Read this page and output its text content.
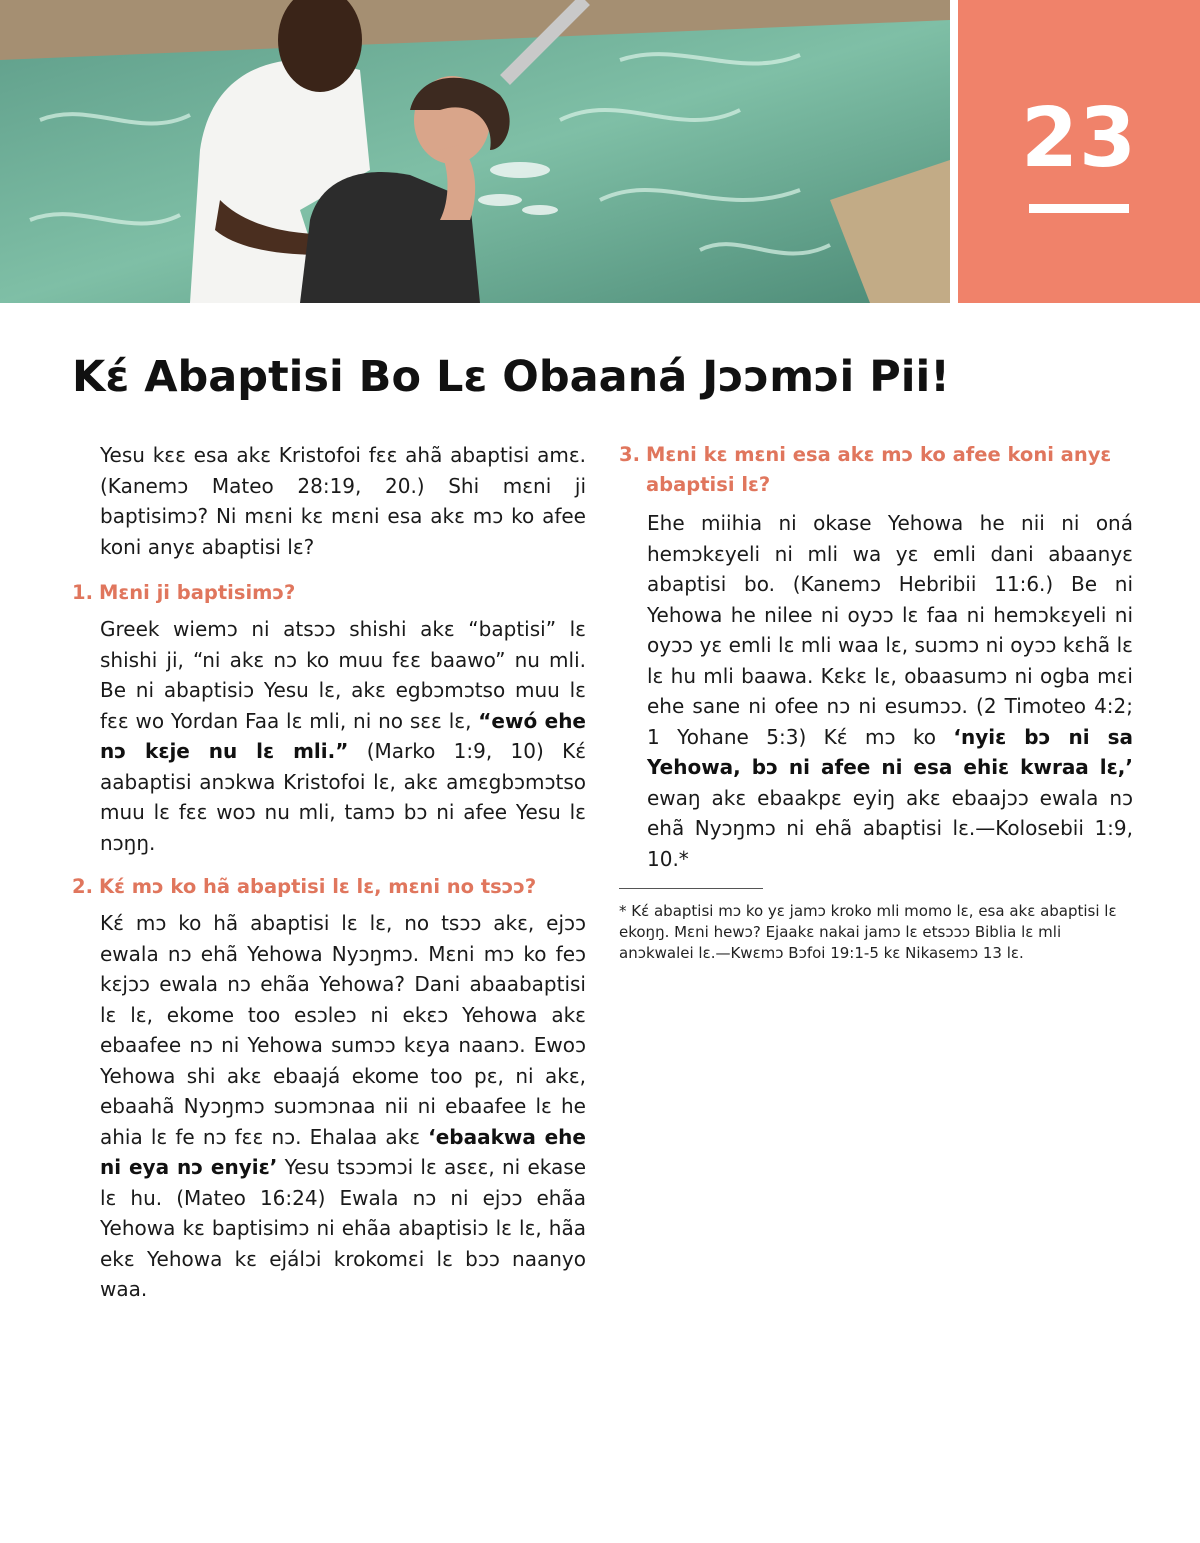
23
Kɛ́ Abaptisi Bo Lɛ Obaaná Jɔɔmɔi Pii!

Yesu kɛɛ esa akɛ Kristofoi fɛɛ ahã abaptisi amɛ. (Kanemɔ Mateo 28:19, 20.) Shi mɛni ji baptisimɔ? Ni mɛni kɛ mɛni esa akɛ mɔ ko afee koni anyɛ abaptisi lɛ?

1. Mɛni ji baptisimɔ?

Greek wiemɔ ni atsɔɔ shishi akɛ “baptisi” lɛ shishi ji, “ni akɛ nɔ ko muu fɛɛ baawo” nu mli. Be ni abaptisiɔ Yesu lɛ, akɛ egbɔmɔtso muu lɛ fɛɛ wo Yordan Faa lɛ mli, ni no sɛɛ lɛ, “ewó ehe nɔ kɛje nu lɛ mli.” (Marko 1:9, 10) Kɛ́ aabaptisi anɔkwa Kristofoi lɛ, akɛ amɛgbɔmɔtso muu lɛ fɛɛ woɔ nu mli, tamɔ bɔ ni afee Yesu lɛ nɔŋŋ.

2. Kɛ́ mɔ ko hã abaptisi lɛ lɛ, mɛni no tsɔɔ?

Kɛ́ mɔ ko hã abaptisi lɛ lɛ, no tsɔɔ akɛ, ejɔɔ ewala nɔ ehã Yehowa Nyɔŋmɔ. Mɛni mɔ ko feɔ kɛjɔɔ ewala nɔ ehãa Yehowa? Dani abaabaptisi lɛ lɛ, ekome too esɔleɔ ni ekɛɔ Yehowa akɛ ebaafee nɔ ni Yehowa sumɔɔ kɛya naanɔ. Ewoɔ Yehowa shi akɛ ebaajá ekome too pɛ, ni akɛ, ebaahã Nyɔŋmɔ suɔmɔnaa nii ni ebaafee lɛ he ahia lɛ fe nɔ fɛɛ nɔ. Ehalaa akɛ ‘ebaakwa ehe ni eya nɔ enyiɛ’ Yesu tsɔɔmɔi lɛ asɛɛ, ni ekase lɛ hu. (Mateo 16:24) Ewala nɔ ni ejɔɔ ehãa Yehowa kɛ baptisimɔ ni ehãa abaptisiɔ lɛ lɛ, hãa ekɛ Yehowa kɛ ejálɔi krokomɛi lɛ bɔɔ naanyo waa.

3. Mɛni kɛ mɛni esa akɛ mɔ ko afee koni anyɛ abaptisi lɛ?

Ehe miihia ni okase Yehowa he nii ni oná hemɔkɛyeli ni mli wa yɛ emli dani abaanyɛ abaptisi bo. (Kanemɔ Hebribii 11:6.) Be ni Yehowa he nilee ni oyɔɔ lɛ faa ni hemɔkɛyeli ni oyɔɔ yɛ emli lɛ mli waa lɛ, suɔmɔ ni oyɔɔ kɛhã lɛ lɛ hu mli baawa. Kɛkɛ lɛ, obaasumɔ ni ogba mɛi ehe sane ni ofee nɔ ni esumɔɔ. (2 Timoteo 4:2; 1 Yohane 5:3) Kɛ́ mɔ ko ‘nyiɛ bɔ ni sa Yehowa, bɔ ni afee ni esa ehiɛ kwraa lɛ,’ ewaŋ akɛ ebaakpɛ eyiŋ akɛ ebaajɔɔ ewala nɔ ehã Nyɔŋmɔ ni ehã abaptisi lɛ.—Kolosebii 1:9, 10.*

* Kɛ́ abaptisi mɔ ko yɛ jamɔ kroko mli momo lɛ, esa akɛ abaptisi lɛ ekoŋŋ. Mɛni hewɔ? Ejaakɛ nakai jamɔ lɛ etsɔɔɔ Biblia lɛ mli anɔkwalei lɛ.—Kwɛmɔ Bɔfoi 19:1-5 kɛ Nikasemɔ 13 lɛ.
